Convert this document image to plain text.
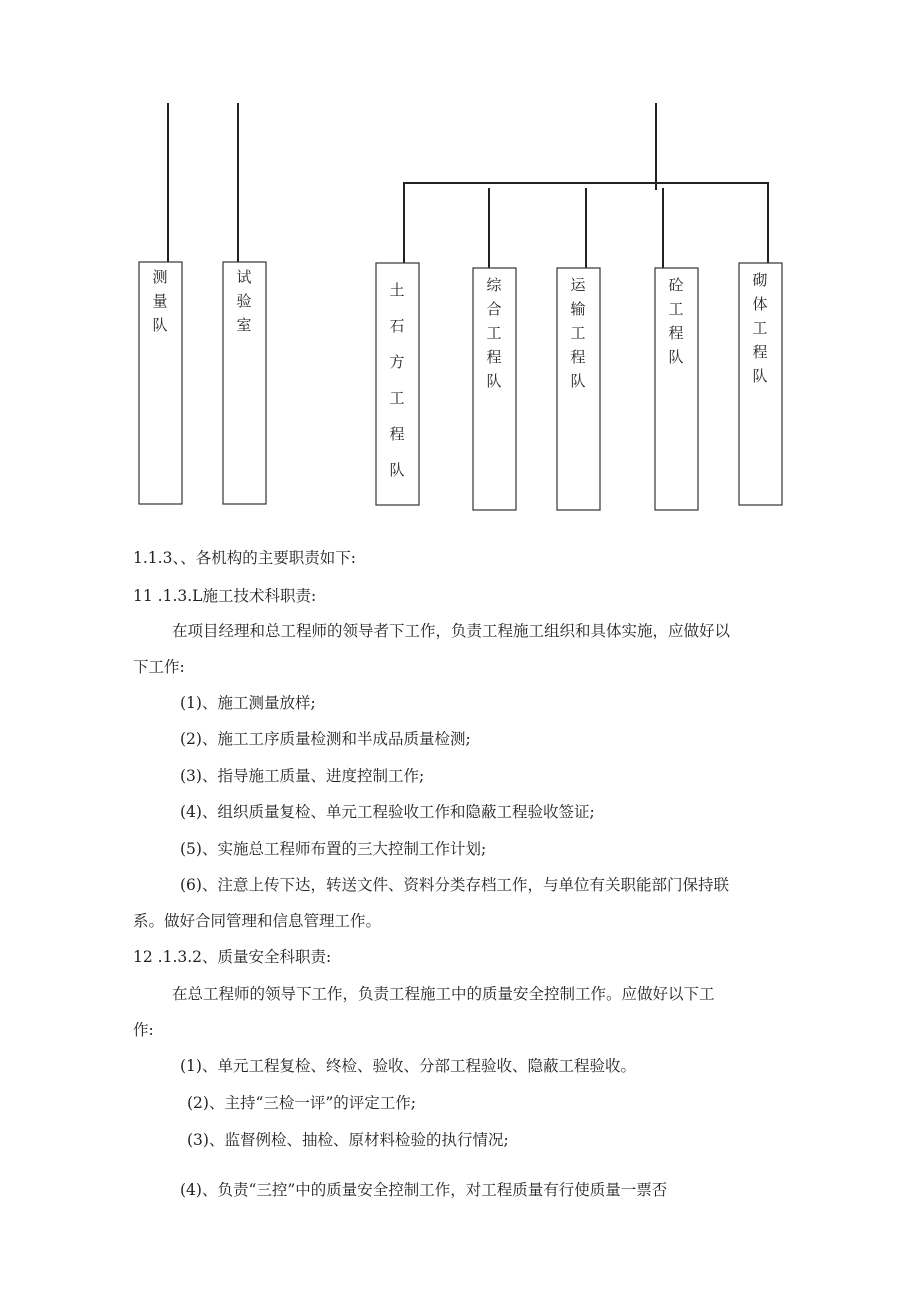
测量队
试验室
土石方工程队
综合工程队
运输工程队
砼工程队
砌体工程队

1.1.3、、各机构的主要职责如下:

11 .1.3.L施工技术科职责:

在项目经理和总工程师的领导者下工作，负责工程施工组织和具体实施，应做好以

下工作:

(1)、施工测量放样;

(2)、施工工序质量检测和半成品质量检测;

(3)、指导施工质量、进度控制工作;

(4)、组织质量复检、单元工程验收工作和隐蔽工程验收签证;

(5)、实施总工程师布置的三大控制工作计划;

(6)、注意上传下达，转送文件、资料分类存档工作，与单位有关职能部门保持联

系。做好合同管理和信息管理工作。

12 .1.3.2、质量安全科职责:

在总工程师的领导下工作，负责工程施工中的质量安全控制工作。应做好以下工

作:

(1)、单元工程复检、终检、验收、分部工程验收、隐蔽工程验收。

(2)、主持“三检一评”的评定工作;

(3)、监督例检、抽检、原材料检验的执行情况;

(4)、负责“三控”中的质量安全控制工作，对工程质量有行使质量一票否
